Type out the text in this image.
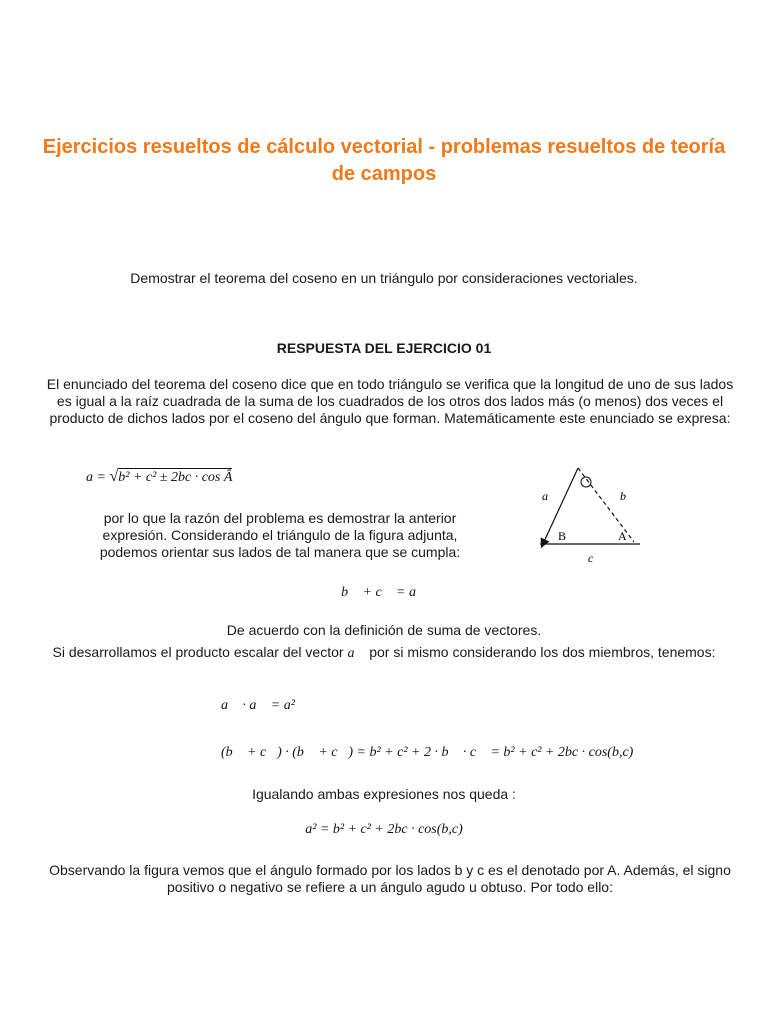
Ejercicios resueltos de cálculo vectorial - problemas resueltos de teoría de campos
Demostrar el teorema del coseno en un triángulo por consideraciones vectoriales.
RESPUESTA DEL EJERCICIO 01
El enunciado del teorema del coseno dice que en todo triángulo se verifica que la longitud de uno de sus lados es igual a la raíz cuadrada de la suma de los cuadrados de los otros dos lados más (o menos) dos veces el producto de dichos lados por el coseno del ángulo que forman. Matemáticamente este enunciado se expresa:
a = √b² + c² ± 2bc · cos Â
por lo que la razón del problema es demostrar la anterior expresión. Considerando el triángulo de la figura adjunta, podemos orientar sus lados de tal manera que se cumpla:
a	b
c
B	A
b⃗ + c⃗ = a⃗
De acuerdo con la definición de suma de vectores.
Si desarrollamos el producto escalar del vector a⃗ por si mismo considerando los dos miembros, tenemos:
a⃗ · a⃗ = a²
(b⃗ + c⃗) · (b⃗ + c⃗) = b² + c² + 2 · b⃗ · c⃗ = b² + c² + 2bc · cos(b,c)
Igualando ambas expresiones nos queda :
a² = b² + c² + 2bc · cos(b,c)
Observando la figura vemos que el ángulo formado por los lados b y c es el denotado por A. Además, el signo positivo o negativo se refiere a un ángulo agudo u obtuso. Por todo ello:
